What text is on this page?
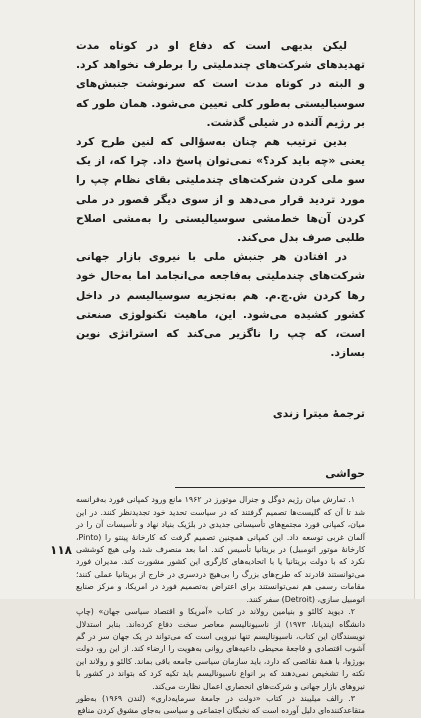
لیکن بدیهی است که دفاع او در کوتاه مدت تهدیدهای شرکت‌های چندملیتی را برطرف نخواهد کرد. و البته در کوتاه مدت است که سرنوشت جنبش‌های سوسیالیستی به‌طور کلی تعیین می‌شود. همان طور که بر رژیم آلنده در شیلی گذشت.

بدین ترتیب هم چنان به‌سؤالی که لنین طرح کرد یعنی «چه باید کرد؟» نمی‌توان پاسخ داد. چرا که، از یک سو ملی کردن شرکت‌های چندملیتی بقای نظام چپ را مورد تردید قرار می‌دهد و از سوی دیگر قصور در ملی کردن آن‌ها خط‌مشی سوسیالیستی را به‌مشی اصلاح طلبی صرف بدل می‌کند.

در افتادن هر جنبش ملی با نیروی بازار جهانی شرکت‌های چندملیتی به‌فاجعه می‌انجامد اما به‌حال خود رها کردن ش.چ.م. هم به‌تجزیه سوسیالیسم در داخل کشور کشیده می‌شود. این، ماهیت تکنولوژی صنعتی است، که چپ را ناگزیر می‌کند که استراتژی نوین بسازد.

ترجمهٔ میترا زندی
حواشی

۱. تمارش میان رژیم دوگل و جنرال موتورز در ۱۹۶۲ مانع ورود کمپانی فورد به‌فرانسه شد تا آن که گلیست‌ها تصمیم گرفتند که در سیاست تحدید خود تجدیدنظر کنند. در این میان، کمپانی فورد مجتمع‌های تأسیساتی جدیدی در بلژیک بنیاد نهاد و تأسیسات آن را در آلمان غربی توسعه داد. این کمپانی همچنین تصمیم گرفت که کارخانهٔ پینتو را (Pinto، کارخانهٔ موتور اتومبیل) در بریتانیا تأسیس کند. اما بعد منصرف شد، ولی هیچ کوششی نکرد که با دولت بریتانیا یا با اتحادیه‌های کارگری این کشور مشورت کند. مدیران فورد می‌توانستند قادرند که طرح‌های بزرگ را بی‌هیچ دردسری در خارج از بریتانیا عملی کنند؛ مقامات رسمی هم نمی‌توانستند برای اعتراض به‌تصمیم فورد در امریکا، و مرکز صنایع اتومبیل سازی، (Detroit) سفر کنند.

۲. دیوید کالئو و بنیامین رولاند در کتاب «آمریکا و اقتصاد سیاسی جهان» (چاپ دانشگاه ایندیانا، ۱۹۷۳) از ناسیونالیسم معاصر سخت دفاع کرده‌اند. بنابر استدلال نویسندگان این کتاب، ناسیونالیسم تنها نیرویی است که می‌تواند در یک جهان سر در گم آشوب اقتصادی و فاجعهٔ محیطی داعیه‌های روانی به‌هویت را ارضاء کند. از این رو، دولت بورژوا، با همهٔ نقائصی که دارد، باید سازمان سیاسی جامعه باقی بماند. کالئو و رولاند این نکته را تشخیص نمی‌دهند که بر انواع ناسیونالیسم باید تکیه کرد که بتواند در کشور با نیروهای بازار جهانی و شرکت‌های انحصاری اعمال نظارت می‌کند.

۳. رالف میلیبند در کتاب «دولت در جامعهٔ سرمایه‌داری» (لندن ۱۹۶۹) به‌طور متقاعدکننده‌ای دلیل آورده است که نخبگان اجتماعی و سیاسی به‌جای مشوق کردن منافع

۱۱۸
